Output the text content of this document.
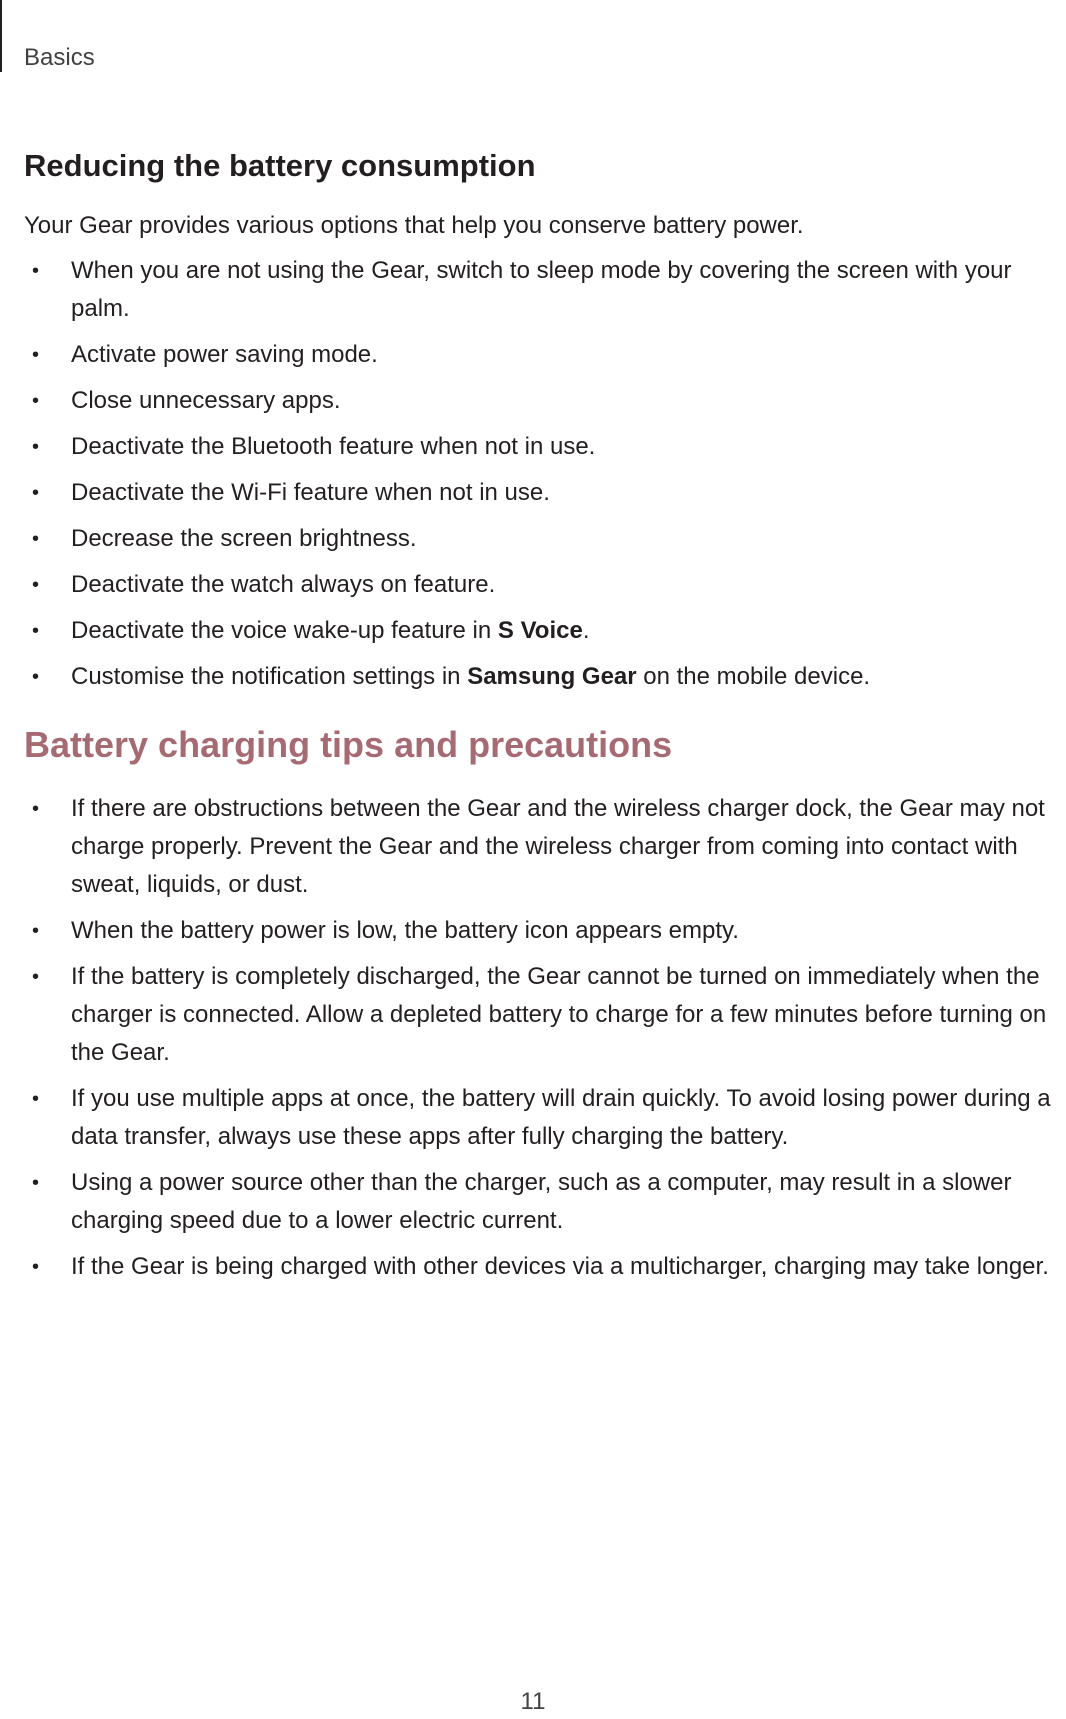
Basics
Reducing the battery consumption

Your Gear provides various options that help you conserve battery power.

• When you are not using the Gear, switch to sleep mode by covering the screen with your palm.
• Activate power saving mode.
• Close unnecessary apps.
• Deactivate the Bluetooth feature when not in use.
• Deactivate the Wi-Fi feature when not in use.
• Decrease the screen brightness.
• Deactivate the watch always on feature.
• Deactivate the voice wake-up feature in S Voice.
• Customise the notification settings in Samsung Gear on the mobile device.
Battery charging tips and precautions
• If there are obstructions between the Gear and the wireless charger dock, the Gear may not charge properly. Prevent the Gear and the wireless charger from coming into contact with sweat, liquids, or dust.
• When the battery power is low, the battery icon appears empty.
• If the battery is completely discharged, the Gear cannot be turned on immediately when the charger is connected. Allow a depleted battery to charge for a few minutes before turning on the Gear.
• If you use multiple apps at once, the battery will drain quickly. To avoid losing power during a data transfer, always use these apps after fully charging the battery.
• Using a power source other than the charger, such as a computer, may result in a slower charging speed due to a lower electric current.
• If the Gear is being charged with other devices via a multicharger, charging may take longer.
11
